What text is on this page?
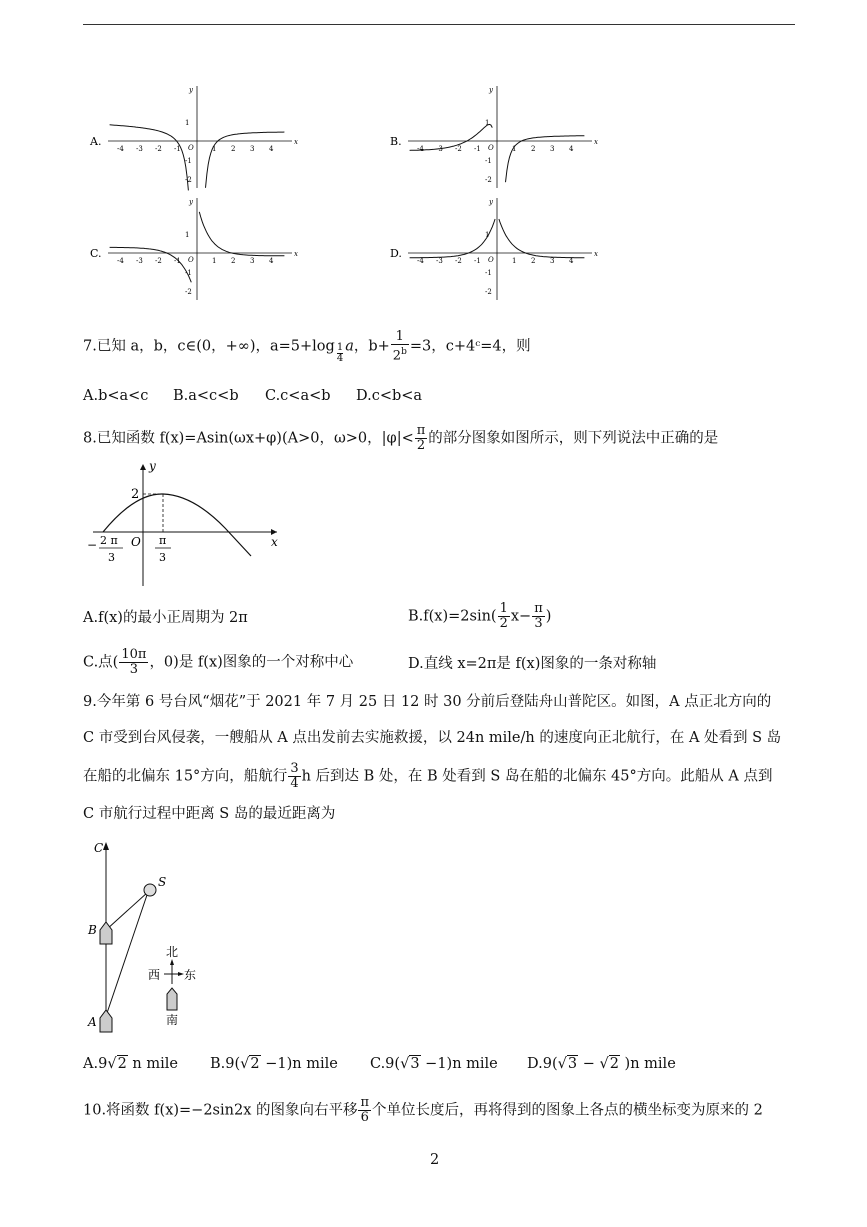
A.
y
x
O
-4 -3 -2 -1	1 2 3 4
1
-1
-2
B.
y
x
O
-4 -3 -2 -1	1 2 3 4
1
-1
-2
C.
y
x
O
-4 -3 -2 -1	1 2 3 4
1
-1
-2
D.
y
x
O
-4 -3 -2 -1	1 2 3 4
1
-1
-2
7.已知 a，b，c∈(0，+∞)，$a=5+\log \frac{1}{4}$ a，$b+ \frac{1}{2^b} =3$，c+4ᶜ=4，则
A.b<a<c B.a<c<b C.c<a<b D.c<b<a
8.已知函数 f(x)=Asin(ωx+φ)(A>0，ω>0，$|\varphi|< \frac{\pi}{2}$ 的部分图象如图所示，则下列说法中正确的是
y
x
2
O
− 2 π
3
π
3
A.f(x)的最小正周期为 2π	$B.f(x)=2\sin( \frac{1}{2} x- \frac{\pi}{3}$ )
C.点( $\frac{10\pi}{3}$ ，0)是 f(x)图象的一个对称中心	D.直线 x=2π是 f(x)图象的一条对称轴
9.今年第 6 号台风“烟花”于 2021 年 7 月 25 日 12 时 30 分前后登陆舟山普陀区。如图，A 点正北方向的
C 市受到台风侵袭，一艘船从 A 点出发前去实施救援，以 24n mile/h 的速度向正北航行，在 A 处看到 S 岛
在船的北偏东 15°方向，船航行 $\frac{3}{4}$ h 后到达 B 处，在 B 处看到 S 岛在船的北偏东 45°方向。此船从 A 点到
C 市航行过程中距离 S 岛的最近距离为
C
S
B
A
北
西 东
南
A.9√2 n mile B.9(√2 −1)n mile C.9(√3 −1)n mile D.9(√3 − √2 )n mile
10.将函数 f(x)=−2sin2x 的图象向右平移 $\frac{\pi}{6}$ 个单位长度后，再将得到的图象上各点的横坐标变为原来的 2
2
